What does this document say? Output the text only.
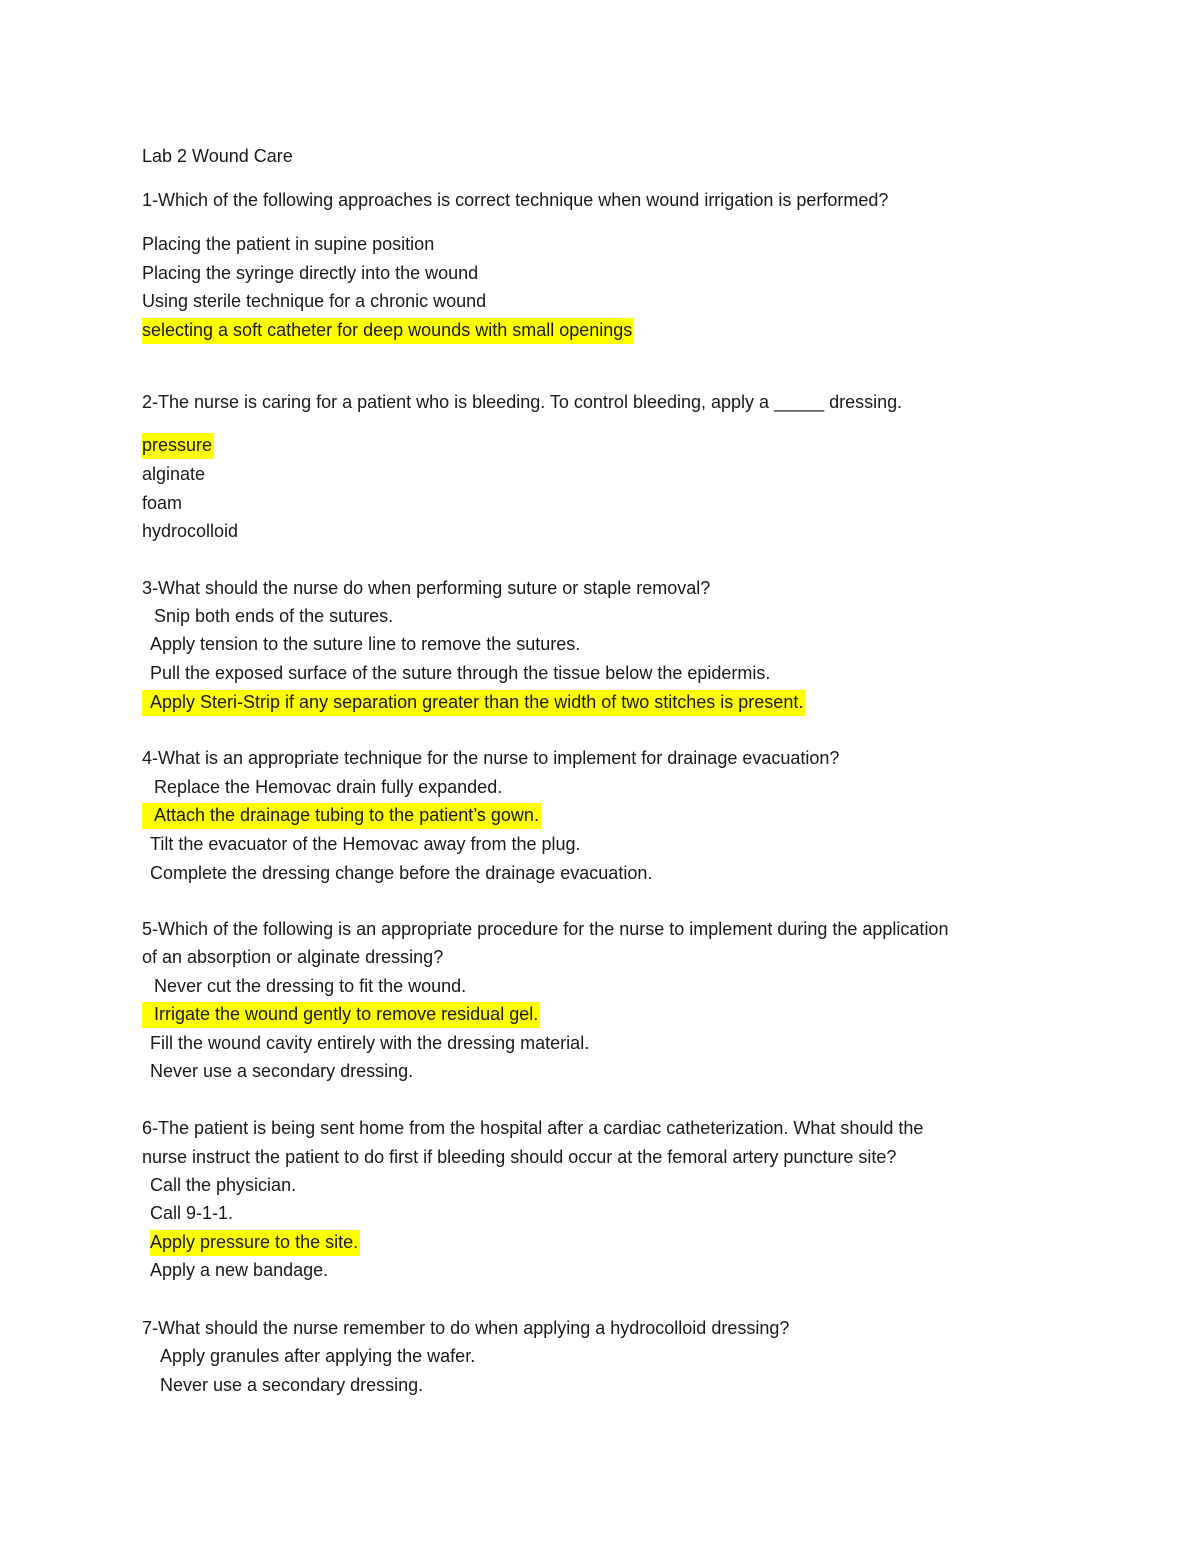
Lab 2 Wound Care
1-Which of the following approaches is correct technique when wound irrigation is performed?
Placing the patient in supine position
Placing the syringe directly into the wound
Using sterile technique for a chronic wound
selecting a soft catheter for deep wounds with small openings
2-The nurse is caring for a patient who is bleeding. To control bleeding, apply a _____ dressing.
pressure
alginate
foam
hydrocolloid
3-What should the nurse do when performing suture or staple removal?
Snip both ends of the sutures.
Apply tension to the suture line to remove the sutures.
Pull the exposed surface of the suture through the tissue below the epidermis.
Apply Steri-Strip if any separation greater than the width of two stitches is present.
4-What is an appropriate technique for the nurse to implement for drainage evacuation?
Replace the Hemovac drain fully expanded.
Attach the drainage tubing to the patient’s gown.
Tilt the evacuator of the Hemovac away from the plug.
Complete the dressing change before the drainage evacuation.
5-Which of the following is an appropriate procedure for the nurse to implement during the application
of an absorption or alginate dressing?
Never cut the dressing to fit the wound.
Irrigate the wound gently to remove residual gel.
Fill the wound cavity entirely with the dressing material.
Never use a secondary dressing.
6-The patient is being sent home from the hospital after a cardiac catheterization. What should the
nurse instruct the patient to do first if bleeding should occur at the femoral artery puncture site?
Call the physician.
Call 9-1-1.
Apply pressure to the site.
Apply a new bandage.
7-What should the nurse remember to do when applying a hydrocolloid dressing?
Apply granules after applying the wafer.
Never use a secondary dressing.
